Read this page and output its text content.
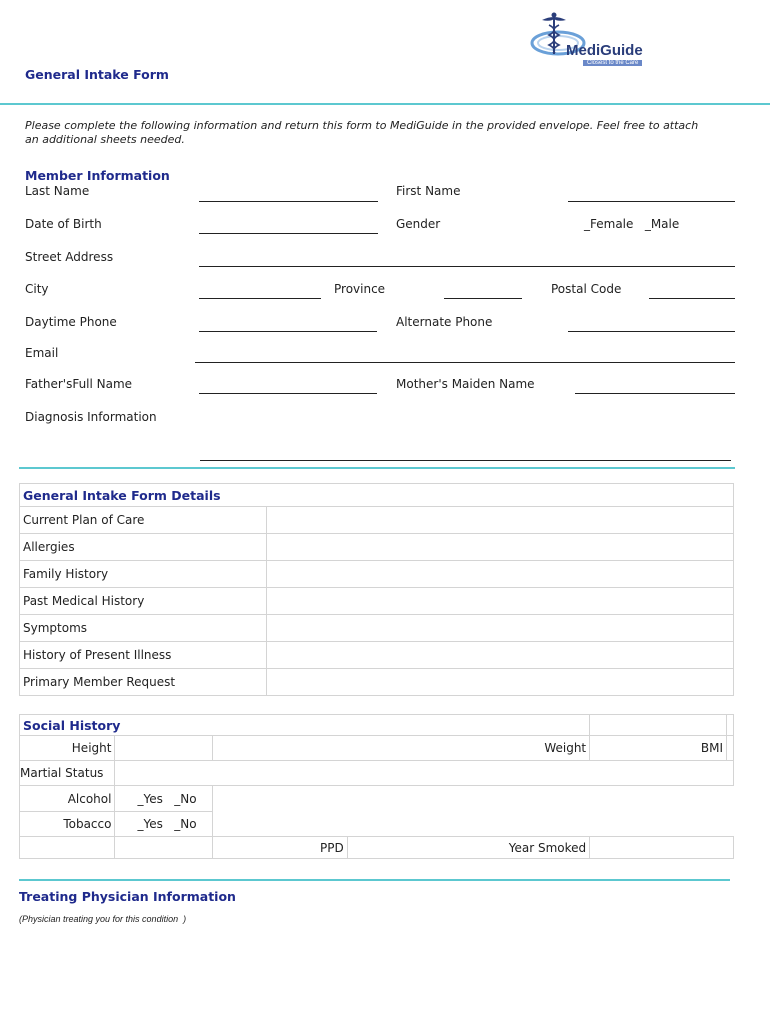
MediGuide
Closest to the Care
General Intake Form
Please complete the following information and return this form to MediGuide in the provided envelope. Feel free to attach an additional sheets needed.
Member Information
Last Name	First Name
Date of Birth	Gender	_Female   _Male
Street Address
City	Province	Postal Code
Daytime Phone	Alternate Phone
Email
Father'sFull Name	Mother's Maiden Name
Diagnosis Information
General Intake Form Details	
Current Plan of Care	
Allergies	
Family History	
Past Medical History	
Symptoms	
History of Present Illness	
Primary Member Request	
Social History					
Height		Weight		BMI	
Martial Status					
Alcohol	_Yes _No				
Tobacco	_Yes _No				
		PPD	Year Smoked		
Treating Physician Information
(Physician treating you for this condition  )
